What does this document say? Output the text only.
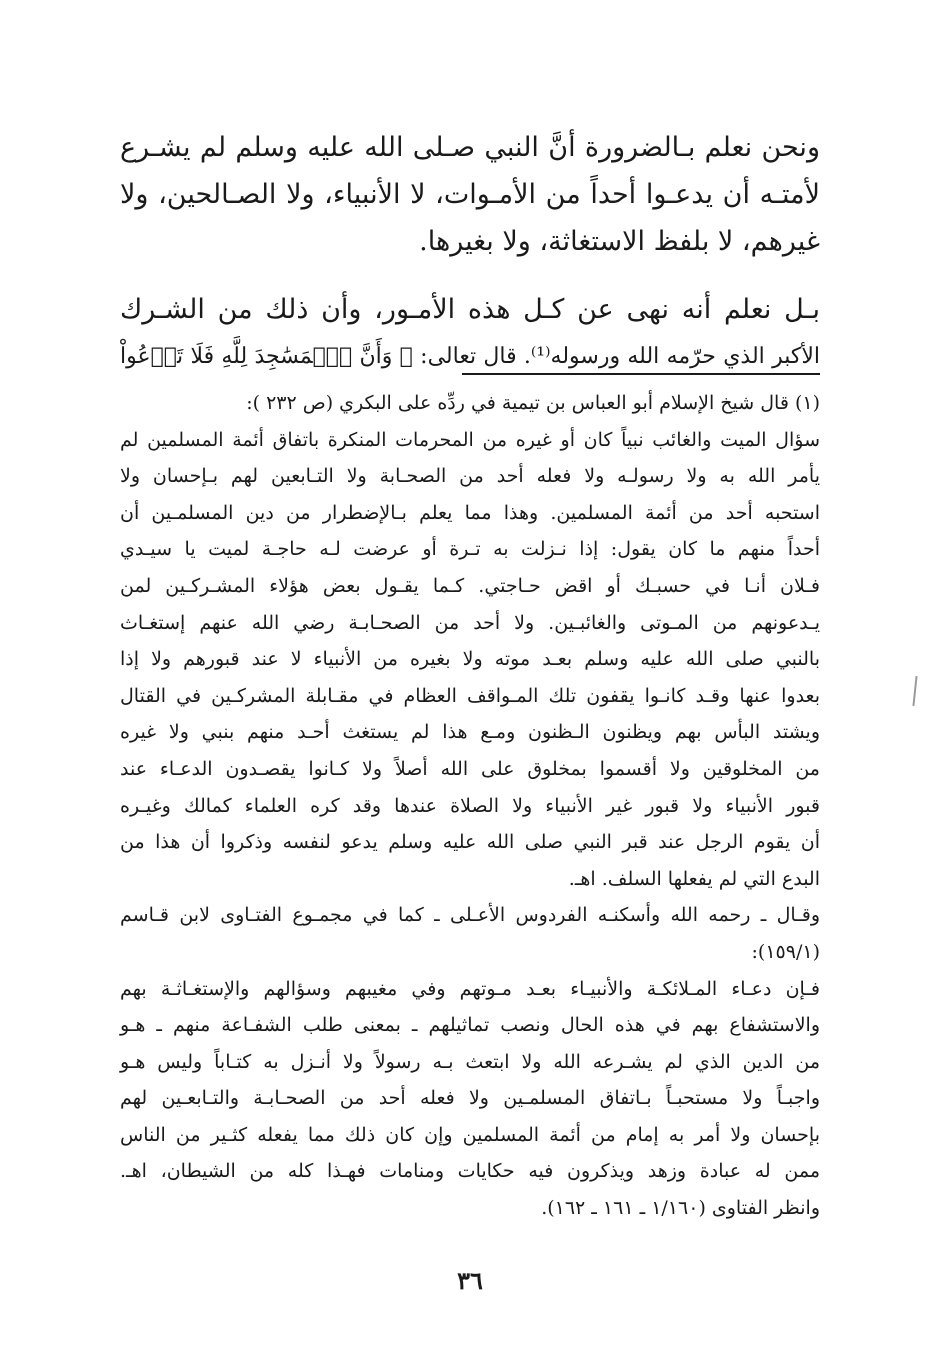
ونحن نعلم بـالضرورة أنَّ النبي صـلى الله عليه وسلم لم يشـرع
لأمتـه أن يدعـوا أحداً من الأمـوات، لا الأنبياء، ولا الصـالحين، ولا
غيرهم، لا بلفظ الاستغاثة، ولا بغيرها.

بـل نعلم أنه نهى عن كـل هذه الأمـور، وأن ذلك من الشـرك
الأكبر الذي حرّمه الله ورسوله⁽¹⁾. قال تعالى: ﴿ وَأَنَّ ٱلۡمَسَٰجِدَ لِلَّهِ فَلَا تَدۡعُواْ

(١) قال شيخ الإسلام أبو العباس بن تيمية في ردِّه على البكري (ص ٢٣٢ ):
سؤال الميت والغائب نبياً كان أو غيره من المحرمات المنكرة باتفاق أئمة المسلمين لم
يأمر الله به ولا رسولـه ولا فعله أحد من الصحـابة ولا التـابعين لهم بـإحسان ولا
استحبه أحد من أئمة المسلمين. وهذا مما يعلم بـالإضطرار من دين المسلمـين أن
أحداً منهم ما كان يقول: إذا نـزلت به تـرة أو عرضت لـه حاجـة لميت يا سيـدي
فـلان أنـا في حسبـك أو اقض حـاجتي. كـما يقـول بعض هؤلاء المشـركـين لمن
يـدعونهم من المـوتى والغائبـين. ولا أحد من الصحـابـة رضي الله عنهم إستغـاث
بالنبي صلى الله عليه وسلم بعـد موته ولا بغيره من الأنبياء لا عند قبورهم ولا إذا
بعدوا عنها وقـد كانـوا يقفون تلك المـواقف العظام في مقـابلة المشركـين في القتال
ويشتد البأس بهم ويظنون الـظنون ومـع هذا لم يستغث أحـد منهم بنبي ولا غيره
من المخلوقين ولا أقسموا بمخلوق على الله أصلاً ولا كـانوا يقصـدون الدعـاء عند
قبور الأنبياء ولا قبور غير الأنبياء ولا الصلاة عندها وقد كره العلماء كمالك وغيـره
أن يقوم الرجل عند قبر النبي صلى الله عليه وسلم يدعو لنفسه وذكروا أن هذا من
البدع التي لم يفعلها السلف. اهـ.
وقـال ـ رحمه الله وأسكنـه الفردوس الأعـلى ـ كما في مجمـوع الفتـاوى لابن قـاسم
(١٥٩/١):
فـإن دعـاء المـلائكـة والأنبيـاء بعـد مـوتهم وفي مغيبهم وسؤالهم والإستغـاثـة بهم
والاستشفاع بهم في هذه الحال ونصب تماثيلهم ـ بمعنى طلب الشفـاعة منهم ـ هـو
من الدين الذي لم يشـرعه الله ولا ابتعث بـه رسولاً ولا أنـزل به كتـاباً وليس هـو
واجبـاً ولا مستحبـاً بـاتفاق المسلمـين ولا فعله أحد من الصحـابـة والتـابعـين لهم
بإحسان ولا أمر به إمام من أئمة المسلمين وإن كان ذلك مما يفعله كثـير من الناس
ممن له عبادة وزهد ويذكرون فيه حكايات ومنامات فهـذا كله من الشيطان، اهـ.
وانظر الفتاوى (١/١٦٠ ـ ١٦١ ـ ١٦٢).
٣٦
